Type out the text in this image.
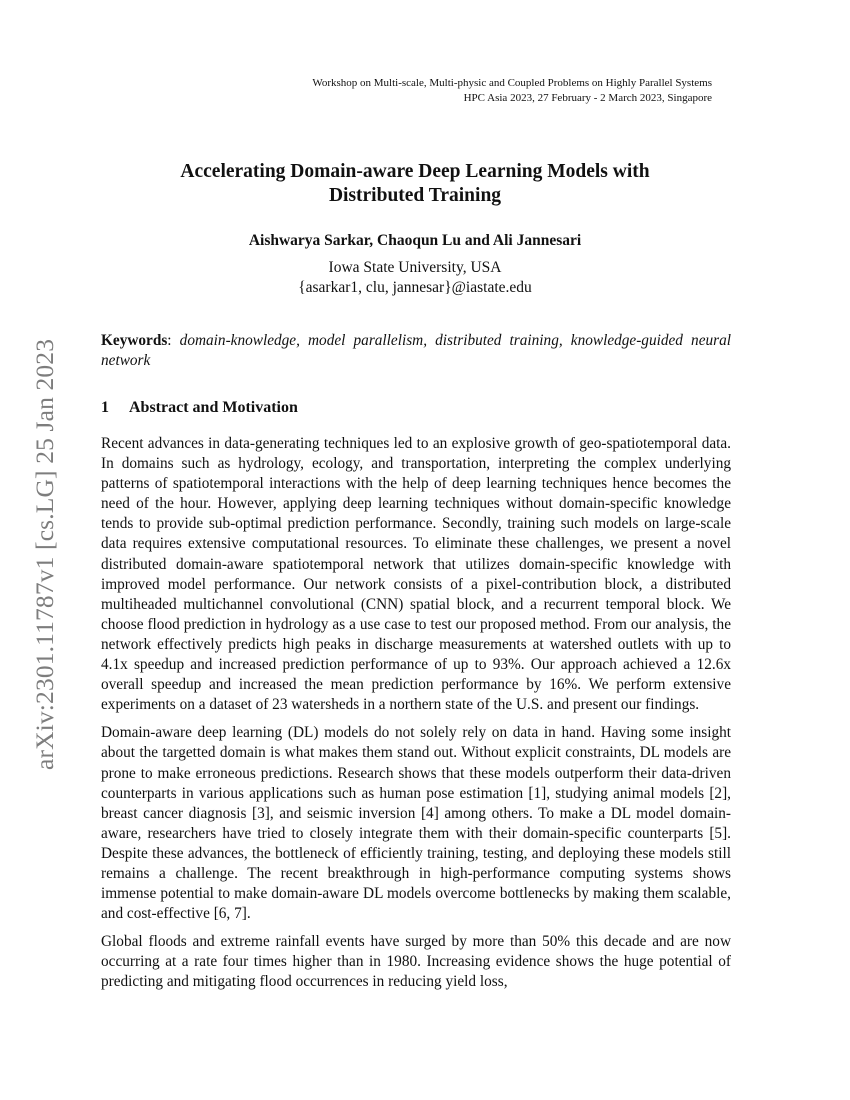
arXiv:2301.11787v1 [cs.LG] 25 Jan 2023
Workshop on Multi-scale, Multi-physic and Coupled Problems on Highly Parallel Systems
HPC Asia 2023, 27 February - 2 March 2023, Singapore
Accelerating Domain-aware Deep Learning Models with
Distributed Training
Aishwarya Sarkar, Chaoqun Lu and Ali Jannesari
Iowa State University, USA
{asarkar1, clu, jannesar}@iastate.edu
Keywords: domain-knowledge, model parallelism, distributed training, knowledge-guided neural network
1 Abstract and Motivation

Recent advances in data-generating techniques led to an explosive growth of geo-spatiotemporal data. In domains such as hydrology, ecology, and transportation, interpreting the complex underlying patterns of spatiotemporal interactions with the help of deep learning techniques hence becomes the need of the hour. However, applying deep learning techniques without domain-specific knowledge tends to provide sub-optimal prediction performance. Secondly, training such models on large-scale data requires extensive computational resources. To eliminate these challenges, we present a novel distributed domain-aware spatiotemporal network that utilizes domain-specific knowledge with improved model performance. Our network consists of a pixel-contribution block, a distributed multiheaded multichannel convolutional (CNN) spatial block, and a recurrent temporal block. We choose flood prediction in hydrology as a use case to test our proposed method. From our analysis, the network effectively predicts high peaks in discharge measurements at watershed outlets with up to 4.1x speedup and increased prediction performance of up to 93%. Our approach achieved a 12.6x overall speedup and increased the mean prediction performance by 16%. We perform extensive experiments on a dataset of 23 watersheds in a northern state of the U.S. and present our findings.

Domain-aware deep learning (DL) models do not solely rely on data in hand. Having some insight about the targetted domain is what makes them stand out. Without explicit constraints, DL models are prone to make erroneous predictions. Research shows that these models outperform their data-driven counterparts in various applications such as human pose estimation [1], studying animal models [2], breast cancer diagnosis [3], and seismic inversion [4] among others. To make a DL model domain-aware, researchers have tried to closely integrate them with their domain-specific counterparts [5]. Despite these advances, the bottleneck of efficiently training, testing, and deploying these models still remains a challenge. The recent breakthrough in high-performance computing systems shows immense potential to make domain-aware DL models overcome bottlenecks by making them scalable, and cost-effective [6, 7].

Global floods and extreme rainfall events have surged by more than 50% this decade and are now occurring at a rate four times higher than in 1980. Increasing evidence shows the huge potential of predicting and mitigating flood occurrences in reducing yield loss,
